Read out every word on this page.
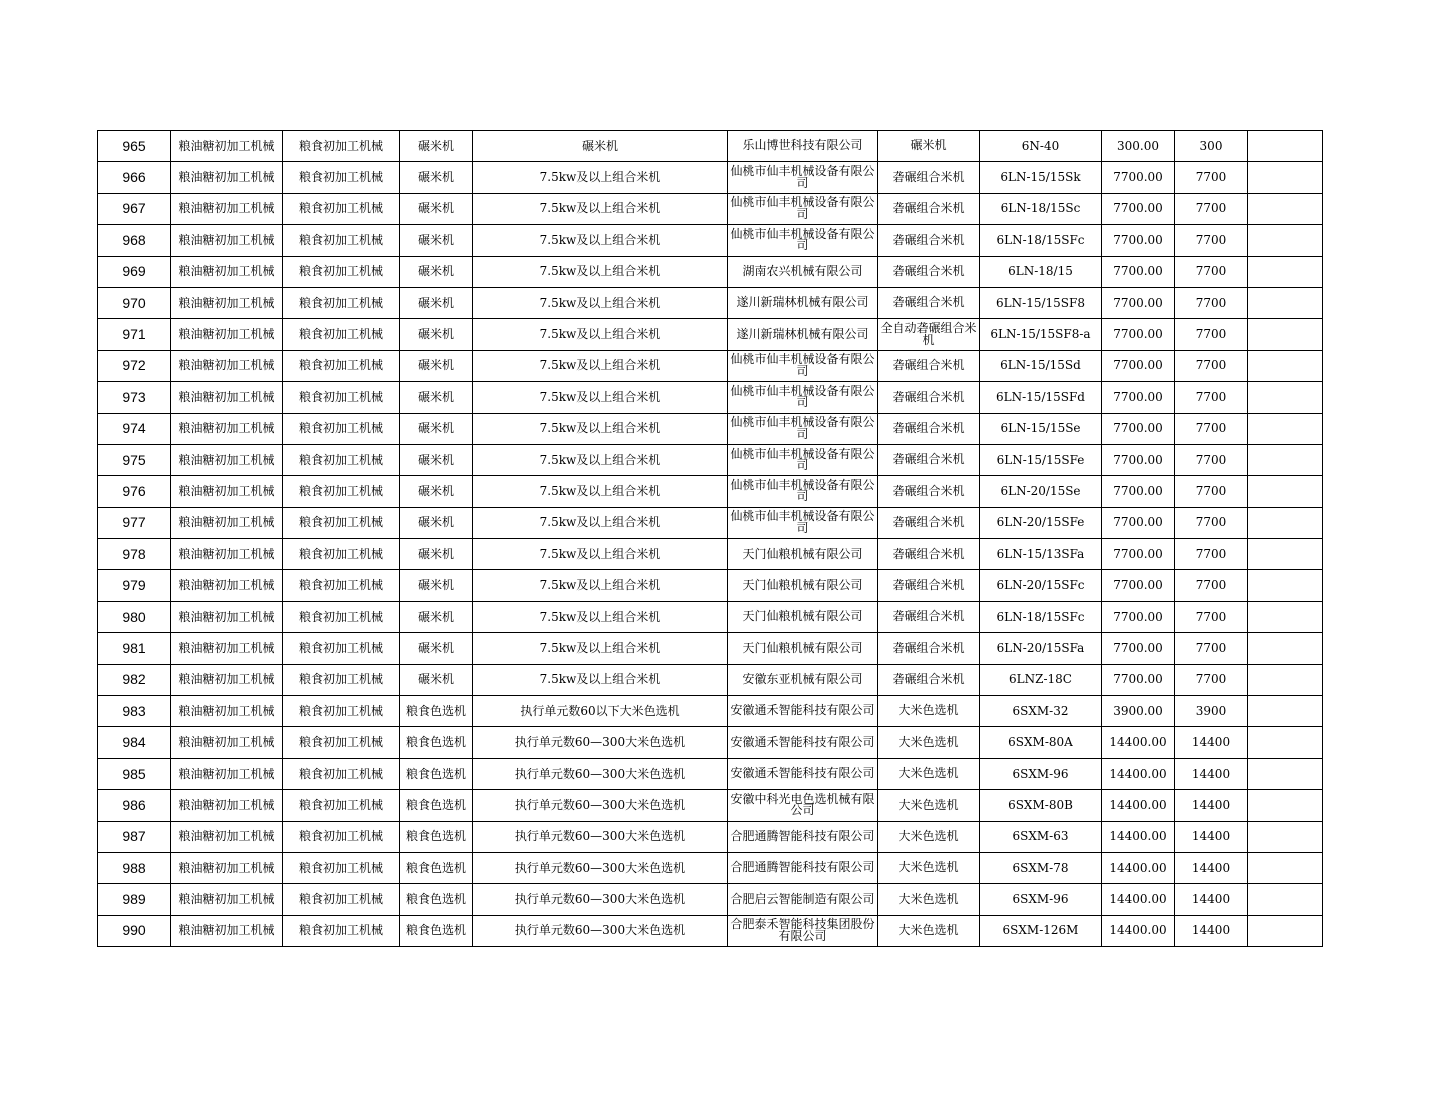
965	粮油糖初加工机械	粮食初加工机械	碾米机	碾米机	乐山博世科技有限公司	碾米机	6N-40	300.00	300	
966	粮油糖初加工机械	粮食初加工机械	碾米机	7.5kw及以上组合米机	仙桃市仙丰机械设备有限公司	砻碾组合米机	6LN-15/15Sk	7700.00	7700	
967	粮油糖初加工机械	粮食初加工机械	碾米机	7.5kw及以上组合米机	仙桃市仙丰机械设备有限公司	砻碾组合米机	6LN-18/15Sc	7700.00	7700	
968	粮油糖初加工机械	粮食初加工机械	碾米机	7.5kw及以上组合米机	仙桃市仙丰机械设备有限公司	砻碾组合米机	6LN-18/15SFc	7700.00	7700	
969	粮油糖初加工机械	粮食初加工机械	碾米机	7.5kw及以上组合米机	湖南农兴机械有限公司	砻碾组合米机	6LN-18/15	7700.00	7700	
970	粮油糖初加工机械	粮食初加工机械	碾米机	7.5kw及以上组合米机	遂川新瑞林机械有限公司	砻碾组合米机	6LN-15/15SF8	7700.00	7700	
971	粮油糖初加工机械	粮食初加工机械	碾米机	7.5kw及以上组合米机	遂川新瑞林机械有限公司	全自动砻碾组合米机	6LN-15/15SF8-a	7700.00	7700	
972	粮油糖初加工机械	粮食初加工机械	碾米机	7.5kw及以上组合米机	仙桃市仙丰机械设备有限公司	砻碾组合米机	6LN-15/15Sd	7700.00	7700	
973	粮油糖初加工机械	粮食初加工机械	碾米机	7.5kw及以上组合米机	仙桃市仙丰机械设备有限公司	砻碾组合米机	6LN-15/15SFd	7700.00	7700	
974	粮油糖初加工机械	粮食初加工机械	碾米机	7.5kw及以上组合米机	仙桃市仙丰机械设备有限公司	砻碾组合米机	6LN-15/15Se	7700.00	7700	
975	粮油糖初加工机械	粮食初加工机械	碾米机	7.5kw及以上组合米机	仙桃市仙丰机械设备有限公司	砻碾组合米机	6LN-15/15SFe	7700.00	7700	
976	粮油糖初加工机械	粮食初加工机械	碾米机	7.5kw及以上组合米机	仙桃市仙丰机械设备有限公司	砻碾组合米机	6LN-20/15Se	7700.00	7700	
977	粮油糖初加工机械	粮食初加工机械	碾米机	7.5kw及以上组合米机	仙桃市仙丰机械设备有限公司	砻碾组合米机	6LN-20/15SFe	7700.00	7700	
978	粮油糖初加工机械	粮食初加工机械	碾米机	7.5kw及以上组合米机	天门仙粮机械有限公司	砻碾组合米机	6LN-15/13SFa	7700.00	7700	
979	粮油糖初加工机械	粮食初加工机械	碾米机	7.5kw及以上组合米机	天门仙粮机械有限公司	砻碾组合米机	6LN-20/15SFc	7700.00	7700	
980	粮油糖初加工机械	粮食初加工机械	碾米机	7.5kw及以上组合米机	天门仙粮机械有限公司	砻碾组合米机	6LN-18/15SFc	7700.00	7700	
981	粮油糖初加工机械	粮食初加工机械	碾米机	7.5kw及以上组合米机	天门仙粮机械有限公司	砻碾组合米机	6LN-20/15SFa	7700.00	7700	
982	粮油糖初加工机械	粮食初加工机械	碾米机	7.5kw及以上组合米机	安徽东亚机械有限公司	砻碾组合米机	6LNZ-18C	7700.00	7700	
983	粮油糖初加工机械	粮食初加工机械	粮食色选机	执行单元数60以下大米色选机	安徽通禾智能科技有限公司	大米色选机	6SXM-32	3900.00	3900	
984	粮油糖初加工机械	粮食初加工机械	粮食色选机	执行单元数60—300大米色选机	安徽通禾智能科技有限公司	大米色选机	6SXM-80A	14400.00	14400	
985	粮油糖初加工机械	粮食初加工机械	粮食色选机	执行单元数60—300大米色选机	安徽通禾智能科技有限公司	大米色选机	6SXM-96	14400.00	14400	
986	粮油糖初加工机械	粮食初加工机械	粮食色选机	执行单元数60—300大米色选机	安徽中科光电色选机械有限公司	大米色选机	6SXM-80B	14400.00	14400	
987	粮油糖初加工机械	粮食初加工机械	粮食色选机	执行单元数60—300大米色选机	合肥通腾智能科技有限公司	大米色选机	6SXM-63	14400.00	14400	
988	粮油糖初加工机械	粮食初加工机械	粮食色选机	执行单元数60—300大米色选机	合肥通腾智能科技有限公司	大米色选机	6SXM-78	14400.00	14400	
989	粮油糖初加工机械	粮食初加工机械	粮食色选机	执行单元数60—300大米色选机	合肥启云智能制造有限公司	大米色选机	6SXM-96	14400.00	14400	
990	粮油糖初加工机械	粮食初加工机械	粮食色选机	执行单元数60—300大米色选机	合肥泰禾智能科技集团股份有限公司	大米色选机	6SXM-126M	14400.00	14400	
